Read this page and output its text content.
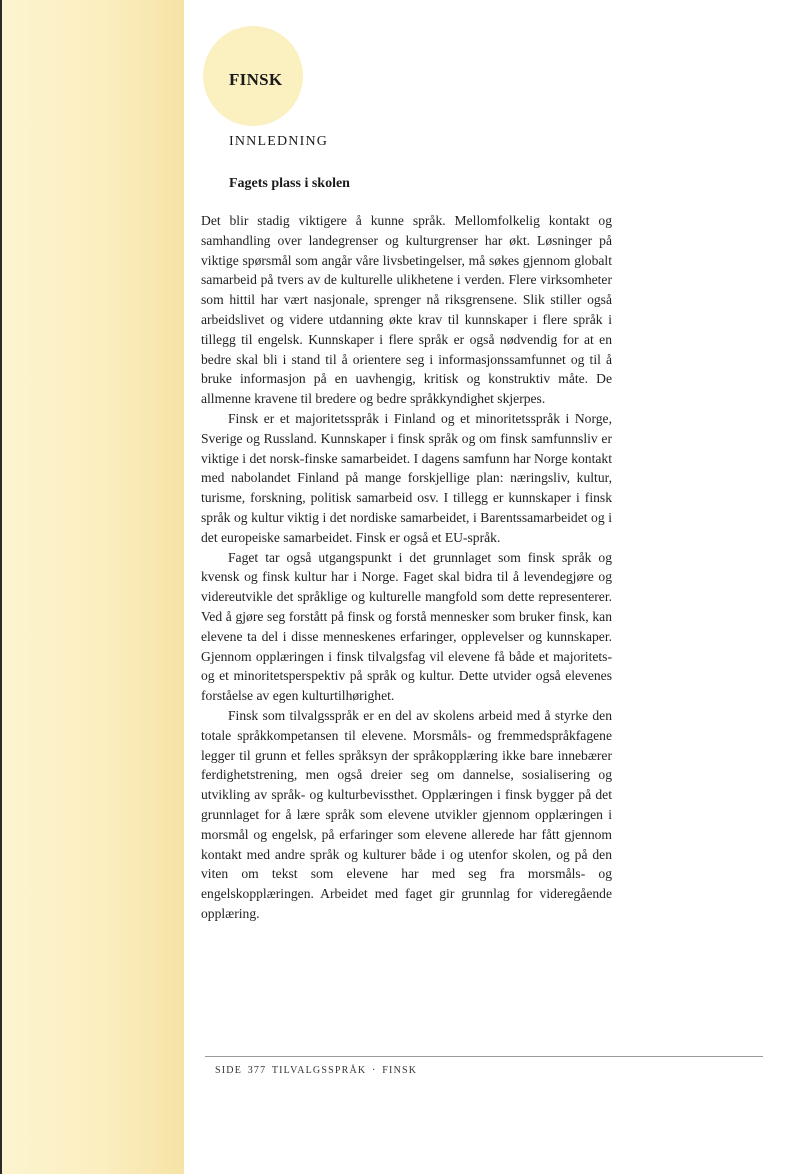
FINSK
INNLEDNING
Fagets plass i skolen

Det blir stadig viktigere å kunne språk. Mellomfolkelig kontakt og samhandling over landegrenser og kulturgrenser har økt. Løsninger på viktige spørsmål som angår våre livsbetingelser, må søkes gjennom globalt samarbeid på tvers av de kulturelle ulikhetene i verden. Flere virksomheter som hittil har vært nasjonale, sprenger nå riksgrensene. Slik stiller også arbeidslivet og videre utdanning økte krav til kunnskaper i flere språk i tillegg til engelsk. Kunnskaper i flere språk er også nødvendig for at en bedre skal bli i stand til å orientere seg i informasjonssamfunnet og til å bruke informasjon på en uavhengig, kritisk og konstruktiv måte. De allmenne kravene til bredere og bedre språkkyndighet skjerpes.

Finsk er et majoritetsspråk i Finland og et minoritetsspråk i Norge, Sverige og Russland. Kunnskaper i finsk språk og om finsk samfunnsliv er viktige i det norsk-finske samarbeidet. I dagens samfunn har Norge kontakt med nabolandet Finland på mange forskjellige plan: næringsliv, kultur, turisme, forskning, politisk samarbeid osv. I tillegg er kunnskaper i finsk språk og kultur viktig i det nordiske samarbeidet, i Barentssamarbeidet og i det europeiske samarbeidet. Finsk er også et EU-språk.

Faget tar også utgangspunkt i det grunnlaget som finsk språk og kvensk og finsk kultur har i Norge. Faget skal bidra til å levendegjøre og videreutvikle det språklige og kulturelle mangfold som dette representerer. Ved å gjøre seg forstått på finsk og forstå mennesker som bruker finsk, kan elevene ta del i disse menneskenes erfaringer, opplevelser og kunnskaper. Gjennom opplæringen i finsk tilvalgsfag vil elevene få både et majoritets- og et minoritetsperspektiv på språk og kultur. Dette utvider også elevenes forståelse av egen kulturtilhørighet.

Finsk som tilvalgsspråk er en del av skolens arbeid med å styrke den totale språkkompetansen til elevene. Morsmåls- og fremmedspråkfagene legger til grunn et felles språksyn der språkopplæring ikke bare innebærer ferdighetstrening, men også dreier seg om dannelse, sosialisering og utvikling av språk- og kulturbevissthet. Opplæringen i finsk bygger på det grunnlaget for å lære språk som elevene utvikler gjennom opplæringen i morsmål og engelsk, på erfaringer som elevene allerede har fått gjennom kontakt med andre språk og kulturer både i og utenfor skolen, og på den viten om tekst som elevene har med seg fra morsmåls- og engelskopplæringen. Arbeidet med faget gir grunnlag for videregående opplæring.

SIDE 377 TILVALGSSPRÅK · FINSK
